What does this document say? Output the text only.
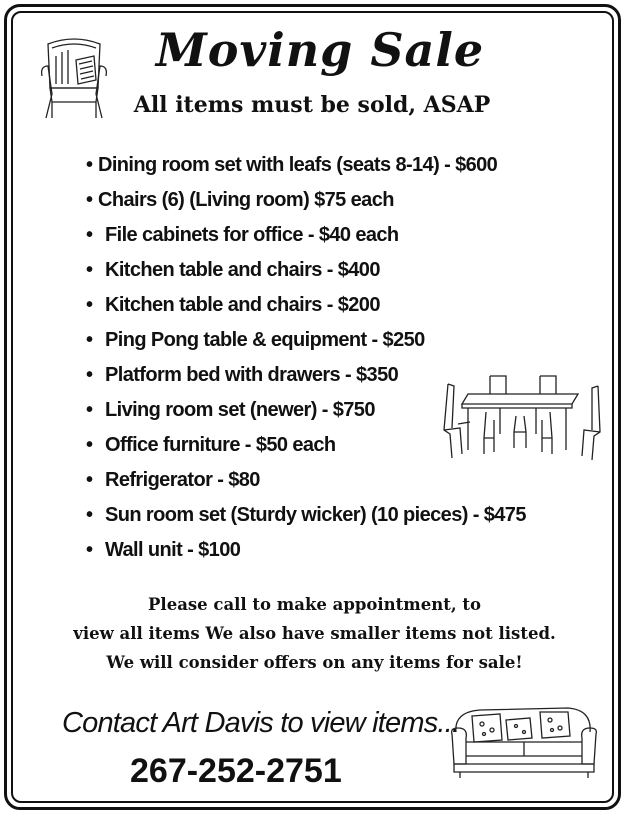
Moving Sale
All items must be sold, ASAP
• Dining room set with leafs (seats 8-14) - $600
• Chairs (6) (Living room) $75 each
• File cabinets for office - $40 each
• Kitchen table and chairs - $400
• Kitchen table and chairs - $200
• Ping Pong table & equipment - $250
• Platform bed with drawers - $350
• Living room set (newer) - $750
• Office furniture - $50 each
• Refrigerator - $80
• Sun room set (Sturdy wicker) (10 pieces) - $475
• Wall unit - $100
Please call to make appointment, to
view all items We also have smaller items not listed.
We will consider offers on any items for sale!
Contact Art Davis to view items...
267-252-2751
